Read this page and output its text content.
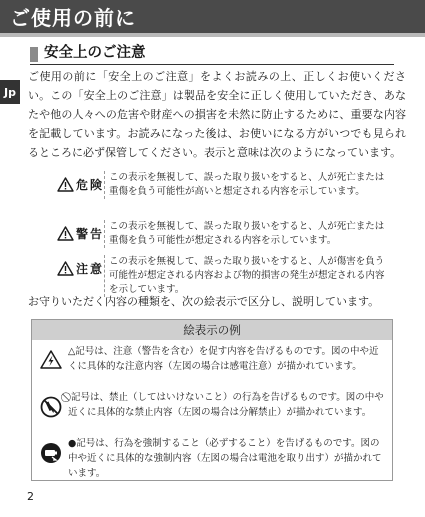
ご使用の前に
安全上のご注意
Jp

ご使用の前に「安全上のご注意」をよくお読みの上、正しくお使いください。この「安全上のご注意」は製品を安全に正しく使用していただき、あなたや他の人々への危害や財産への損害を未然に防止するために、重要な内容を記載しています。お読みになった後は、お使いになる方がいつでも見られるところに必ず保管してください。表示と意味は次のようになっています。

危険
この表示を無視して、誤った取り扱いをすると、人が死亡または重傷を負う可能性が高いと想定される内容を示しています。
警告
この表示を無視して、誤った取り扱いをすると、人が死亡または重傷を負う可能性が想定される内容を示しています。
注意
この表示を無視して、誤った取り扱いをすると、人が傷害を負う可能性が想定される内容および物的損害の発生が想定される内容を示しています。

お守りいただく内容の種類を、次の絵表示で区分し、説明しています。

絵表示の例
△記号は、注意（警告を含む）を促す内容を告げるものです。図の中や近くに具体的な注意内容（左図の場合は感電注意）が描かれています。
⃠ 記号は、禁止（してはいけないこと）の行為を告げるものです。図の中や近くに具体的な禁止内容（左図の場合は分解禁止）が描かれています。
●記号は、行為を強制すること（必ずすること）を告げるものです。図の中や近くに具体的な強制内容（左図の場合は電池を取り出す）が描かれています。
2
